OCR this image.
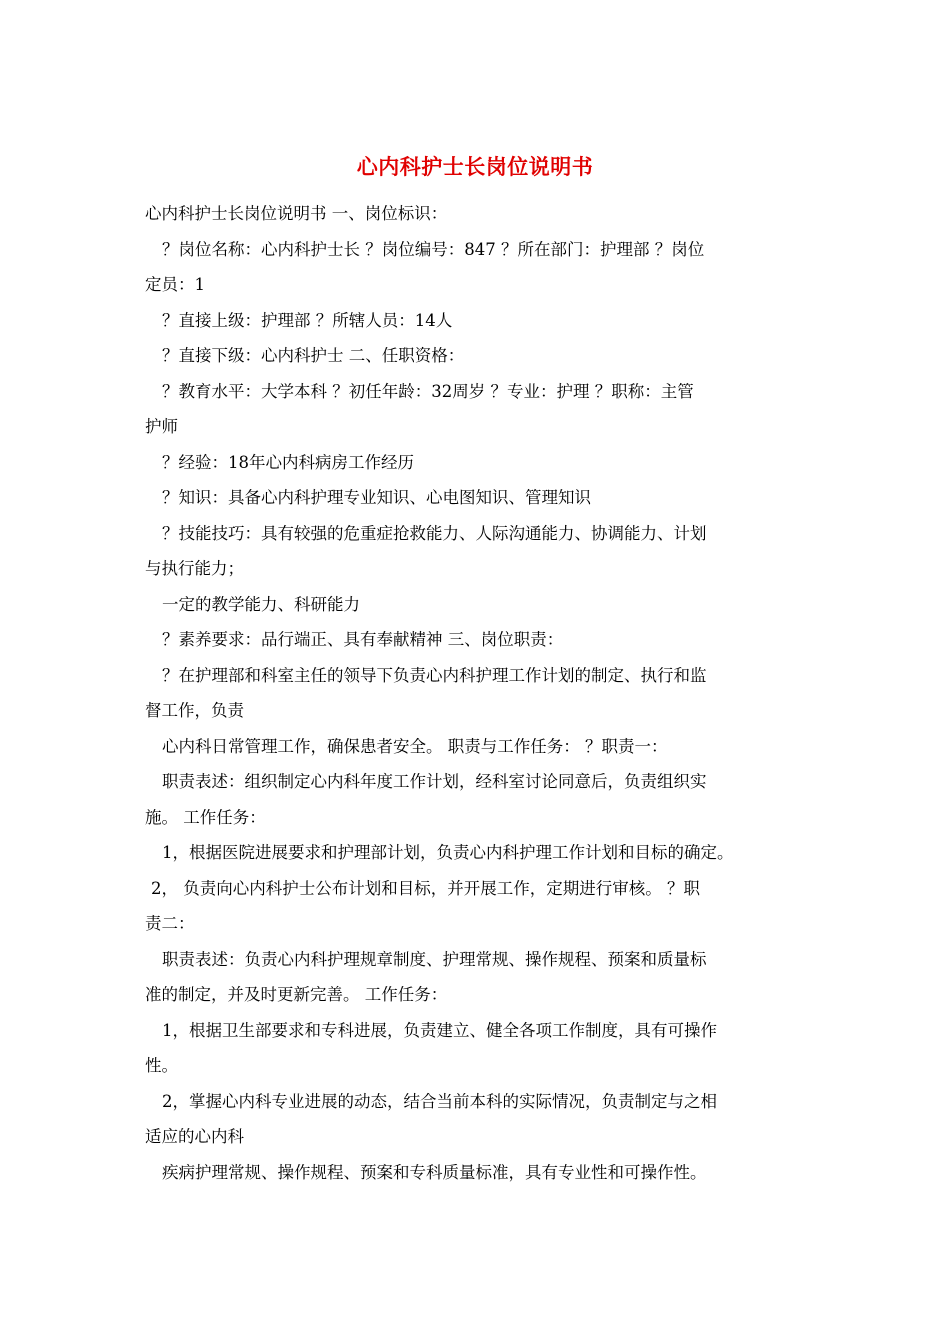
心内科护士长岗位说明书
心内科护士长岗位说明书 一、岗位标识：
？岗位名称：心内科护士长 ？岗位编号：847 ？所在部门：护理部 ？岗位
定员：1
？直接上级：护理部 ？所辖人员：14人
？直接下级：心内科护士 二、任职资格：
？教育水平：大学本科 ？初任年龄：32周岁 ？专业：护理 ？职称：主管
护师
？经验：18年心内科病房工作经历
？知识：具备心内科护理专业知识、心电图知识、管理知识
？技能技巧：具有较强的危重症抢救能力、人际沟通能力、协调能力、计划
与执行能力；
一定的教学能力、科研能力
？素养要求：品行端正、具有奉献精神 三、岗位职责：
？在护理部和科室主任的领导下负责心内科护理工作计划的制定、执行和监
督工作，负责
心内科日常管理工作，确保患者安全。 职责与工作任务： ？职责一：
职责表述：组织制定心内科年度工作计划，经科室讨论同意后，负责组织实
施。 工作任务：
1，根据医院进展要求和护理部计划，负责心内科护理工作计划和目标的确定。
2， 负责向心内科护士公布计划和目标，并开展工作，定期进行审核。 ？职
责二：
职责表述：负责心内科护理规章制度、护理常规、操作规程、预案和质量标
准的制定，并及时更新完善。 工作任务：
1，根据卫生部要求和专科进展，负责建立、健全各项工作制度，具有可操作
性。
2，掌握心内科专业进展的动态，结合当前本科的实际情况，负责制定与之相
适应的心内科
疾病护理常规、操作规程、预案和专科质量标准，具有专业性和可操作性。
